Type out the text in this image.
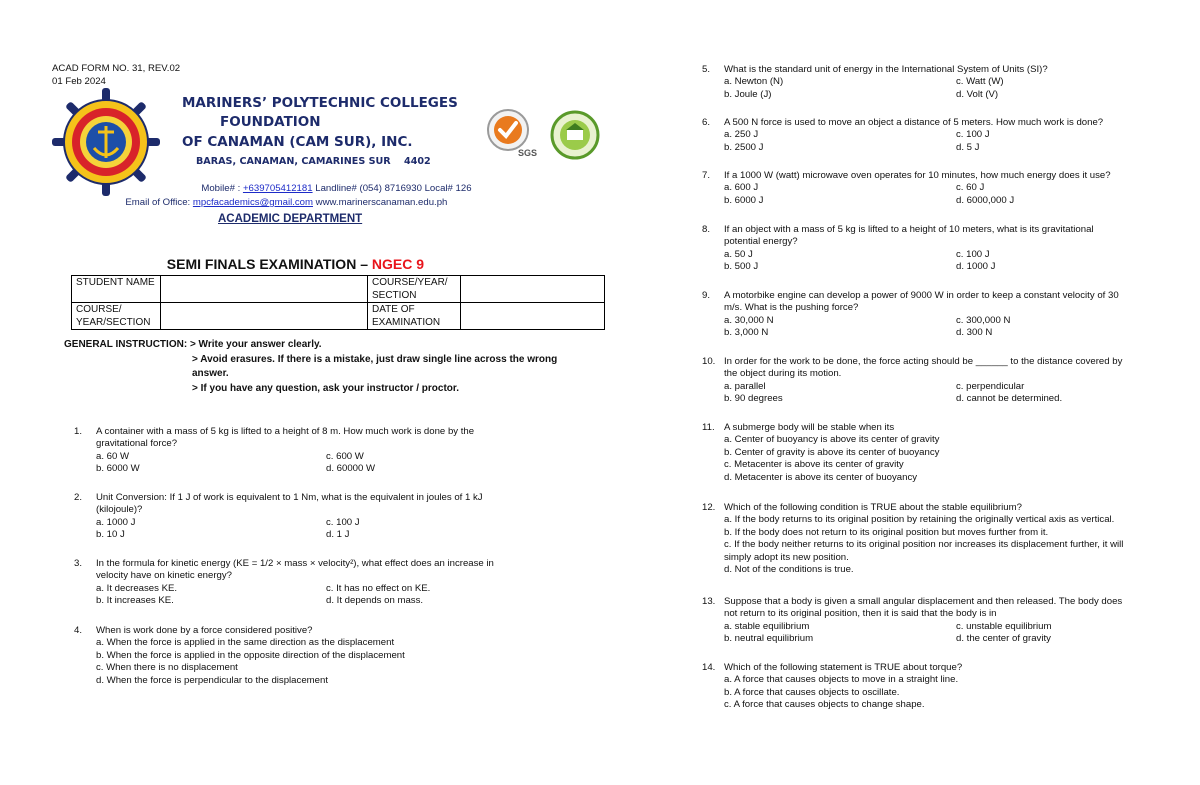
ACAD FORM NO. 31, REV.02
01 Feb 2024
MARINERS’ POLYTECHNIC COLLEGES
FOUNDATION
OF CANAMAN (CAM SUR), INC.
BARAS, CANAMAN, CAMARINES SUR    4402

Mobile# : +639705412181 Landline# (054) 8716930 Local# 126

Email of Office: mpcfacademics@gmail.com www.marinerscanaman.edu.ph

SGS
ACADEMIC DEPARTMENT

SEMI FINALS EXAMINATION – NGEC 9

STUDENT NAME		COURSE/YEAR/ SECTION	
COURSE/ YEAR/SECTION		DATE OF EXAMINATION	
GENERAL INSTRUCTION: > Write your answer clearly.
> Avoid erasures. If there is a mistake, just draw single line across the wrong answer.
> If you have any question, ask your instructor / proctor.
1. A container with a mass of 5 kg is lifted to a height of 8 m. How much work is done by the gravitational force?
a. 60 W	c. 600 W
b. 6000 W	d. 60000 W
2. Unit Conversion: If 1 J of work is equivalent to 1 Nm, what is the equivalent in joules of 1 kJ (kilojoule)?
a. 1000 J	c. 100 J
b. 10 J	d. 1 J
3. In the formula for kinetic energy (KE = 1/2 × mass × velocity²), what effect does an increase in velocity have on kinetic energy?
a. It decreases KE.	c. It has no effect on KE.
b. It increases KE.	d. It depends on mass.
4. When is work done by a force considered positive?
a. When the force is applied in the same direction as the displacement
b. When the force is applied in the opposite direction of the displacement
c. When there is no displacement
d. When the force is perpendicular to the displacement
5. What is the standard unit of energy in the International System of Units (SI)?
a. Newton (N)	c. Watt (W)
b. Joule (J)	d. Volt (V)
6. A 500 N force is used to move an object a distance of 5 meters. How much work is done?
a. 250 J	c. 100 J
b. 2500 J	d. 5 J
7. If a 1000 W (watt) microwave oven operates for 10 minutes, how much energy does it use?
a. 600 J	c. 60 J
b. 6000 J	d. 6000,000 J
8. If an object with a mass of 5 kg is lifted to a height of 10 meters, what is its gravitational potential energy?
a. 50 J	c. 100 J
b. 500 J	d. 1000 J
9. A motorbike engine can develop a power of 9000 W in order to keep a constant velocity of 30 m/s. What is the pushing force?
a. 30,000 N	c. 300,000 N
b. 3,000 N	d. 300 N
10. In order for the work to be done, the force acting should be ______ to the distance covered by the object during its motion.
a. parallel	c. perpendicular
b. 90 degrees	d. cannot be determined.
11. A submerge body will be stable when its
a. Center of buoyancy is above its center of gravity
b. Center of gravity is above its center of buoyancy
c. Metacenter is above its center of gravity
d. Metacenter is above its center of buoyancy
12. Which of the following condition is TRUE about the stable equilibrium?
a. If the body returns to its original position by retaining the originally vertical axis as vertical.
b. If the body does not return to its original position but moves further from it.
c. If the body neither returns to its original position nor increases its displacement further, it will simply adopt its new position.
d. Not of the conditions is true.
13. Suppose that a body is given a small angular displacement and then released. The body does not return to its original position, then it is said that the body is in
a. stable equilibrium	c. unstable equilibrium
b. neutral equilibrium	d. the center of gravity
14. Which of the following statement is TRUE about torque?
a. A force that causes objects to move in a straight line.
b. A force that causes objects to oscillate.
c. A force that causes objects to change shape.
